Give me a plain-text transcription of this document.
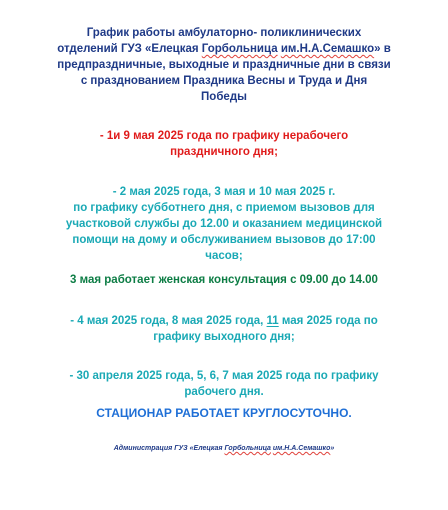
График работы амбулаторно- поликлинических
отделений ГУЗ «Елецкая Горбольница им.Н.А.Семашко» в
предпраздничные, выходные и праздничные дни в связи
с празднованием Праздника Весны и Труда и Дня
Победы
- 1и 9 мая 2025 года по графику нерабочего
праздничного дня;
- 2 мая 2025 года, 3 мая и 10 мая 2025 г.
по графику субботнего дня, с приемом вызовов для
участковой службы до 12.00 и оказанием медицинской
помощи на дому и обслуживанием вызовов до 17:00
часов;
3 мая работает женская консультация с 09.00 до 14.00
- 4 мая 2025 года, 8 мая 2025 года, 11 мая 2025 года по
графику выходного дня;
- 30 апреля 2025 года, 5, 6, 7 мая 2025 года по графику
рабочего дня.
СТАЦИОНАР РАБОТАЕТ КРУГЛОСУТОЧНО.
Администрация ГУЗ «Елецкая Горбольница им.Н.А.Семашко»
